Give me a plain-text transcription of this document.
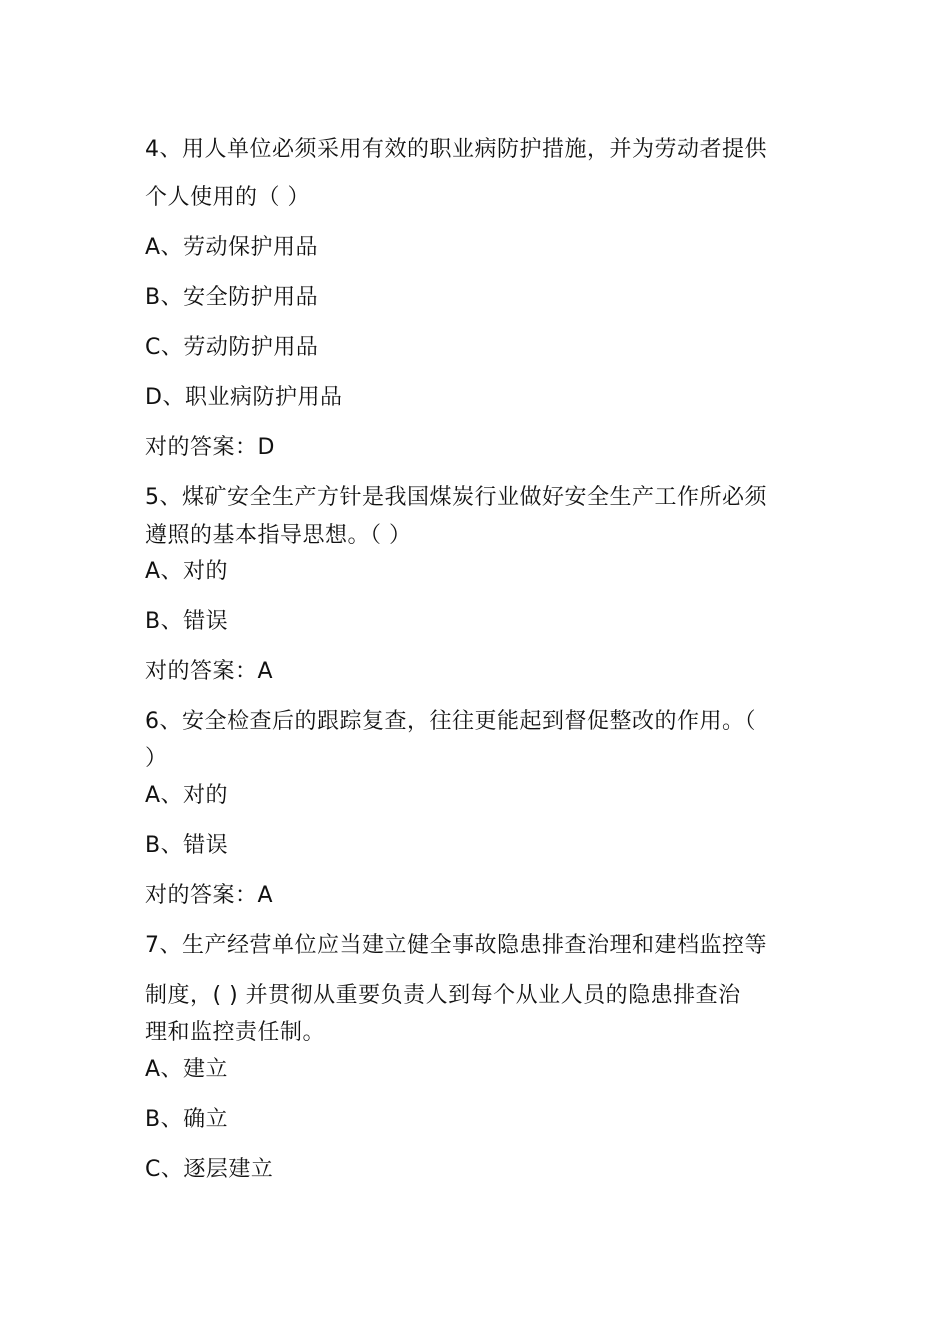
4、用人单位必须采用有效的职业病防护措施，并为劳动者提供
个人使用的（ ）
A、劳动保护用品
B、安全防护用品
C、劳动防护用品
D、职业病防护用品
对的答案：D
5、煤矿安全生产方针是我国煤炭行业做好安全生产工作所必须
遵照的基本指导思想。（ ）
A、对的
B、错误
对的答案：A
6、安全检查后的跟踪复查，往往更能起到督促整改的作用。（
）
A、对的
B、错误
对的答案：A
7、生产经营单位应当建立健全事故隐患排查治理和建档监控等
制度，( ) 并贯彻从重要负责人到每个从业人员的隐患排查治
理和监控责任制。
A、建立
B、确立
C、逐层建立
